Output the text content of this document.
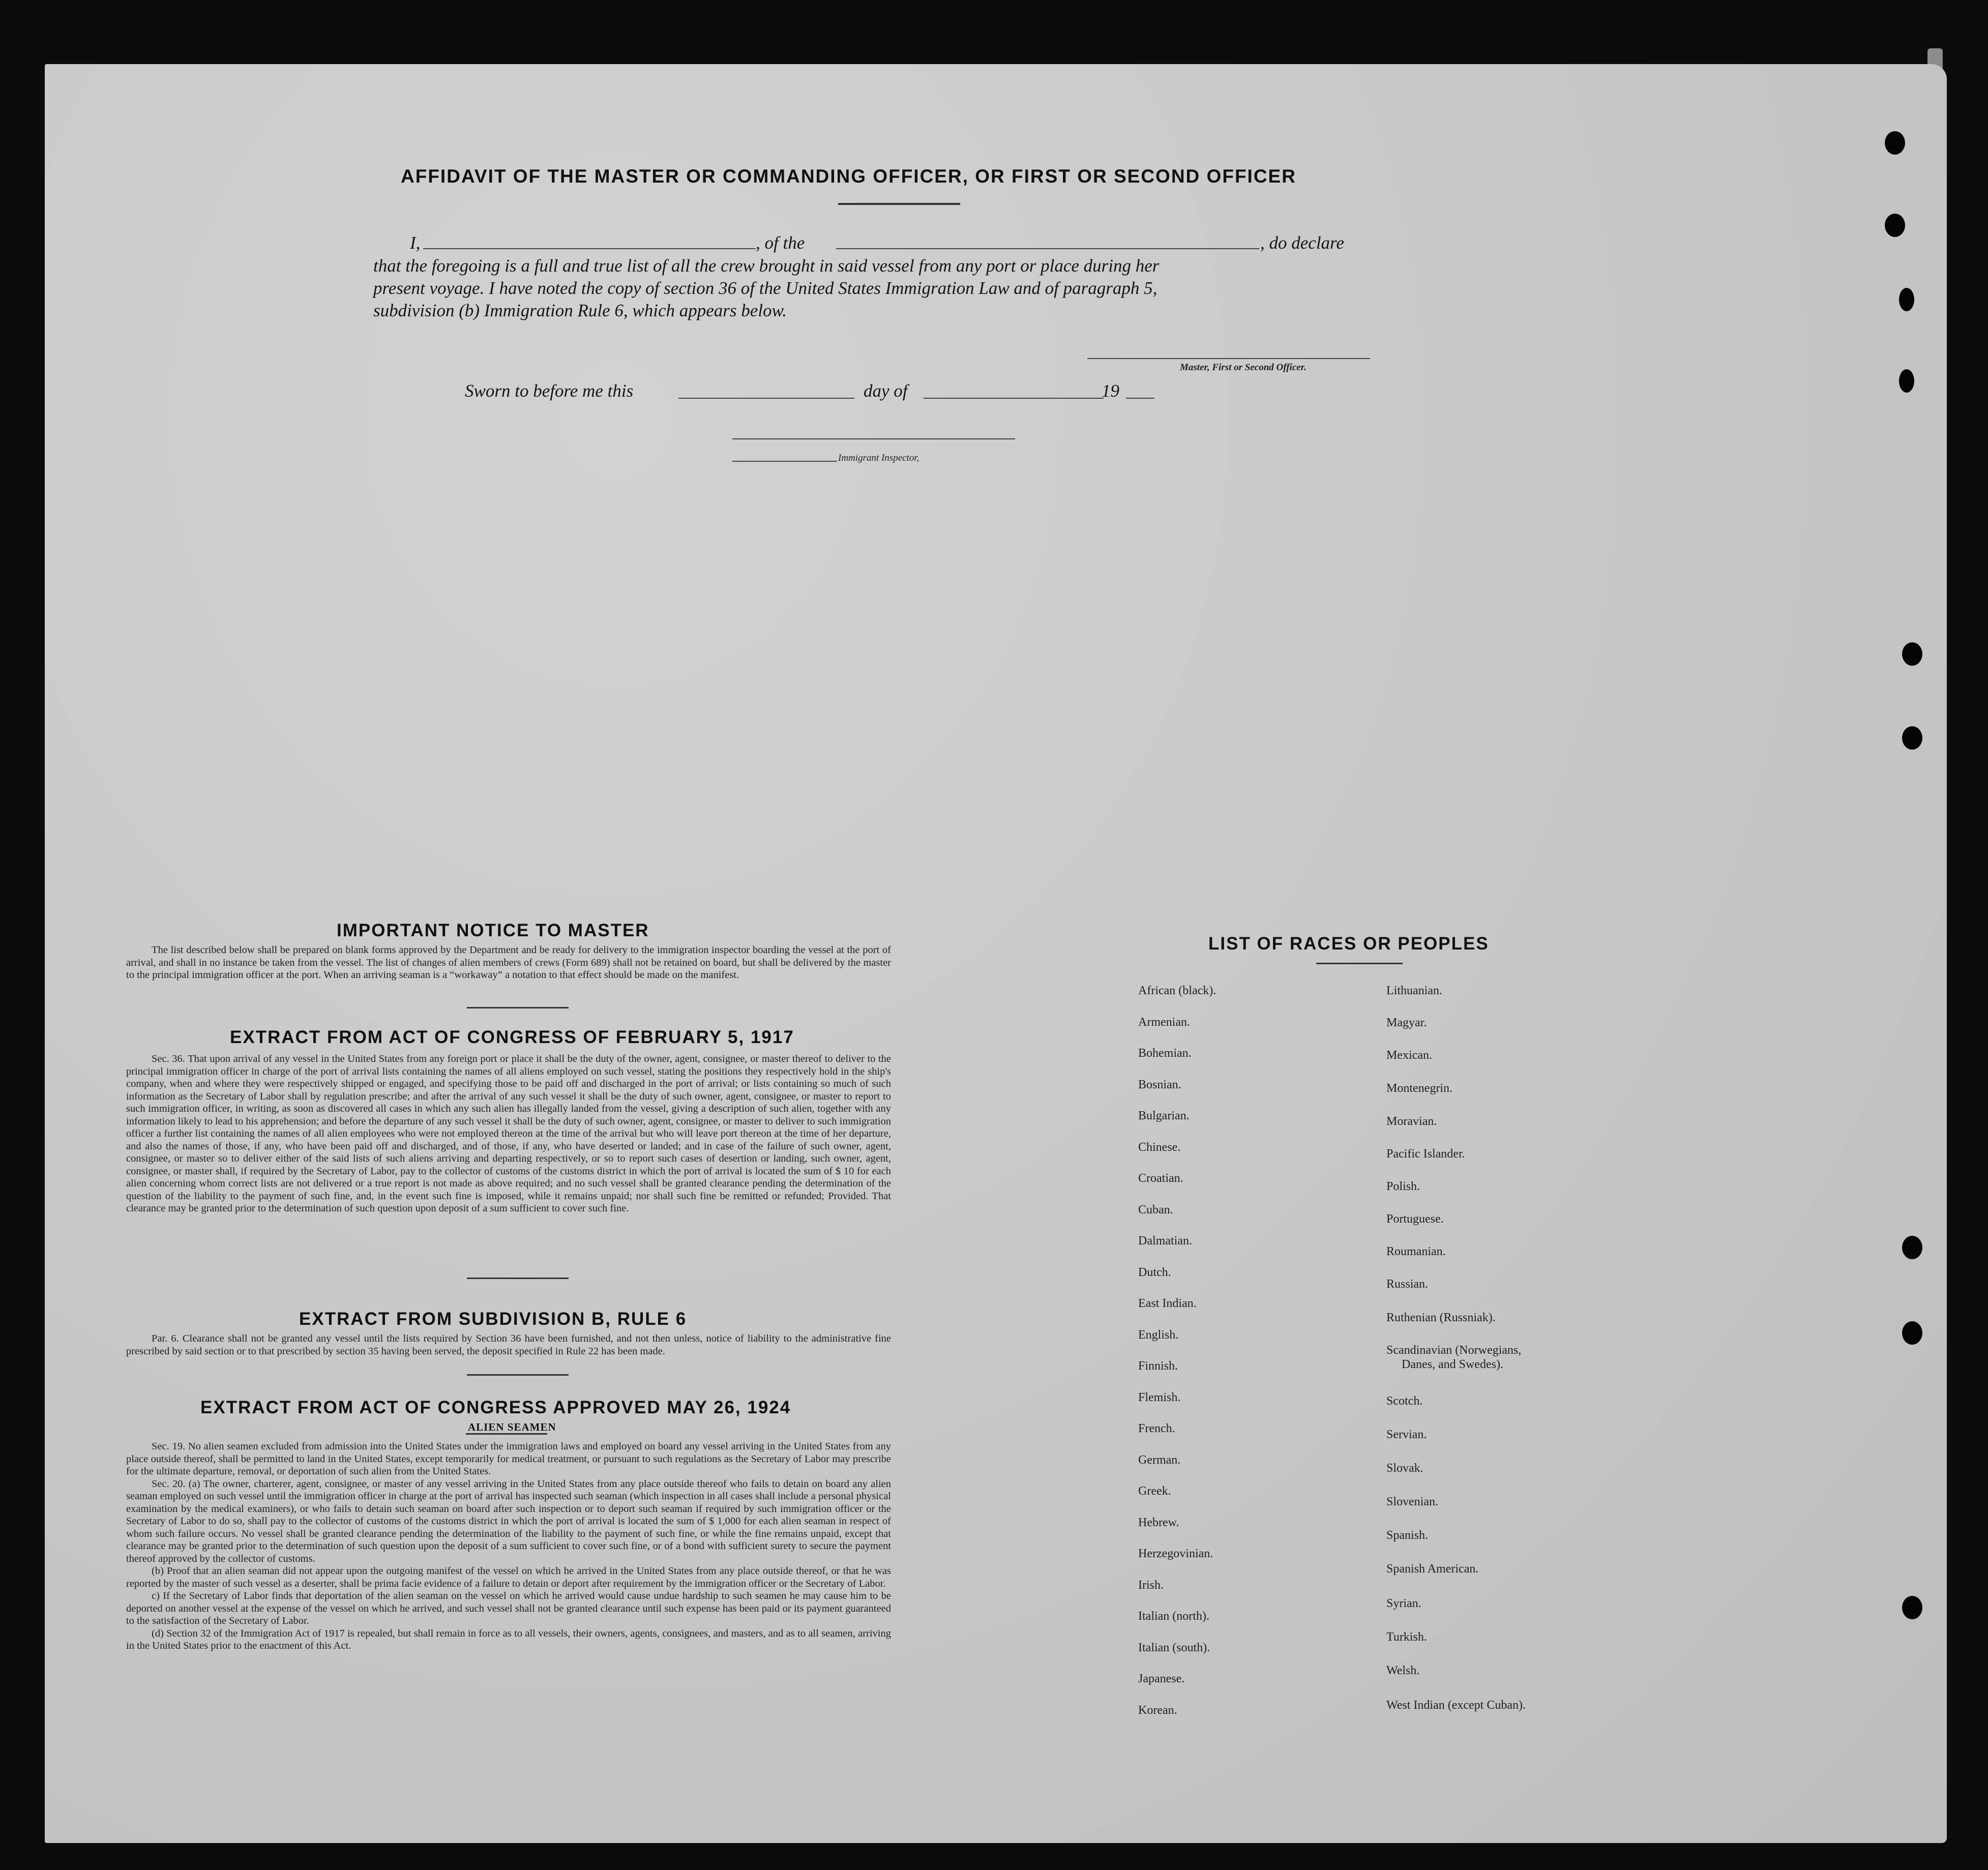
AFFIDAVIT OF THE MASTER OR COMMANDING OFFICER, OR FIRST OR SECOND OFFICER
I,	, of the	, do declare
that the foregoing is a full and true list of all the crew brought in said vessel from any port or place during her
present voyage. I have noted the copy of section 36 of the United States Immigration Law and of paragraph 5,
subdivision (b) Immigration Rule 6, which appears below.
Master, First or Second Officer.
Sworn to before me this	day of	19
Immigrant Inspector,
IMPORTANT NOTICE TO MASTER

The list described below shall be prepared on blank forms approved by the Department and be ready for delivery to the immigration inspector boarding the vessel at the port of arrival, and shall in no instance be taken from the vessel. The list of changes of alien members of crews (Form 689) shall not be retained on board, but shall be delivered by the master to the principal immigration officer at the port. When an arriving seaman is a “workaway” a notation to that effect should be made on the manifest.

EXTRACT FROM ACT OF CONGRESS OF FEBRUARY 5, 1917

Sec. 36. That upon arrival of any vessel in the United States from any foreign port or place it shall be the duty of the owner, agent, consignee, or master thereof to deliver to the principal immigration officer in charge of the port of arrival lists containing the names of all aliens employed on such vessel, stating the positions they respectively hold in the ship's company, when and where they were respectively shipped or engaged, and specifying those to be paid off and discharged in the port of arrival; or lists containing so much of such information as the Secretary of Labor shall by regulation prescribe; and after the arrival of any such vessel it shall be the duty of such owner, agent, consignee, or master to report to such immigration officer, in writing, as soon as discovered all cases in which any such alien has illegally landed from the vessel, giving a description of such alien, together with any information likely to lead to his apprehension; and before the departure of any such vessel it shall be the duty of such owner, agent, consignee, or master to deliver to such immigration officer a further list containing the names of all alien employees who were not employed thereon at the time of the arrival but who will leave port thereon at the time of her departure, and also the names of those, if any, who have been paid off and discharged, and of those, if any, who have deserted or landed; and in case of the failure of such owner, agent, consignee, or master so to deliver either of the said lists of such aliens arriving and departing respectively, or so to report such cases of desertion or landing, such owner, agent, consignee, or master shall, if required by the Secretary of Labor, pay to the collector of customs of the customs district in which the port of arrival is located the sum of $ 10 for each alien concerning whom correct lists are not delivered or a true report is not made as above required; and no such vessel shall be granted clearance pending the determination of the question of the liability to the payment of such fine, and, in the event such fine is imposed, while it remains unpaid; nor shall such fine be remitted or refunded; Provided. That clearance may be granted prior to the determination of such question upon deposit of a sum sufficient to cover such fine.

EXTRACT FROM SUBDIVISION B, RULE 6

Par. 6. Clearance shall not be granted any vessel until the lists required by Section 36 have been furnished, and not then unless, notice of liability to the administrative fine prescribed by said section or to that prescribed by section 35 having been served, the deposit specified in Rule 22 has been made.

EXTRACT FROM ACT OF CONGRESS APPROVED MAY 26, 1924
ALIEN SEAMEN

Sec. 19. No alien seamen excluded from admission into the United States under the immigration laws and employed on board any vessel arriving in the United States from any place outside thereof, shall be permitted to land in the United States, except temporarily for medical treatment, or pursuant to such regulations as the Secretary of Labor may prescribe for the ultimate departure, removal, or deportation of such alien from the United States.

Sec. 20. (a) The owner, charterer, agent, consignee, or master of any vessel arriving in the United States from any place outside thereof who fails to detain on board any alien seaman employed on such vessel until the immigration officer in charge at the port of arrival has inspected such seaman (which inspection in all cases shall include a personal physical examination by the medical examiners), or who fails to detain such seaman on board after such inspection or to deport such seaman if required by such immigration officer or the Secretary of Labor to do so, shall pay to the collector of customs of the customs district in which the port of arrival is located the sum of $ 1,000 for each alien seaman in respect of whom such failure occurs. No vessel shall be granted clearance pending the determination of the liability to the payment of such fine, or while the fine remains unpaid, except that clearance may be granted prior to the determination of such question upon the deposit of a sum sufficient to cover such fine, or of a bond with sufficient surety to secure the payment thereof approved by the collector of customs.

(b) Proof that an alien seaman did not appear upon the outgoing manifest of the vessel on which he arrived in the United States from any place outside thereof, or that he was reported by the master of such vessel as a deserter, shall be prima facie evidence of a failure to detain or deport after requirement by the immigration officer or the Secretary of Labor.

c) If the Secretary of Labor finds that deportation of the alien seaman on the vessel on which he arrived would cause undue hardship to such seamen he may cause him to be deported on another vessel at the expense of the vessel on which he arrived, and such vessel shall not be granted clearance until such expense has been paid or its payment guaranteed to the satisfaction of the Secretary of Labor.

(d) Section 32 of the Immigration Act of 1917 is repealed, but shall remain in force as to all vessels, their owners, agents, consignees, and masters, and as to all seamen, arriving in the United States prior to the enactment of this Act.

LIST OF RACES OR PEOPLES
African (black).
Armenian.
Bohemian.
Bosnian.
Bulgarian.
Chinese.
Croatian.
Cuban.
Dalmatian.
Dutch.
East Indian.
English.
Finnish.
Flemish.
French.
German.
Greek.
Hebrew.
Herzegovinian.
Irish.
Italian (north).
Italian (south).
Japanese.
Korean.
Lithuanian.
Magyar.
Mexican.
Montenegrin.
Moravian.
Pacific Islander.
Polish.
Portuguese.
Roumanian.
Russian.
Ruthenian (Russniak).
Scandinavian (Norwegians,
Danes, and Swedes).
Scotch.
Servian.
Slovak.
Slovenian.
Spanish.
Spanish American.
Syrian.
Turkish.
Welsh.
West Indian (except Cuban).
